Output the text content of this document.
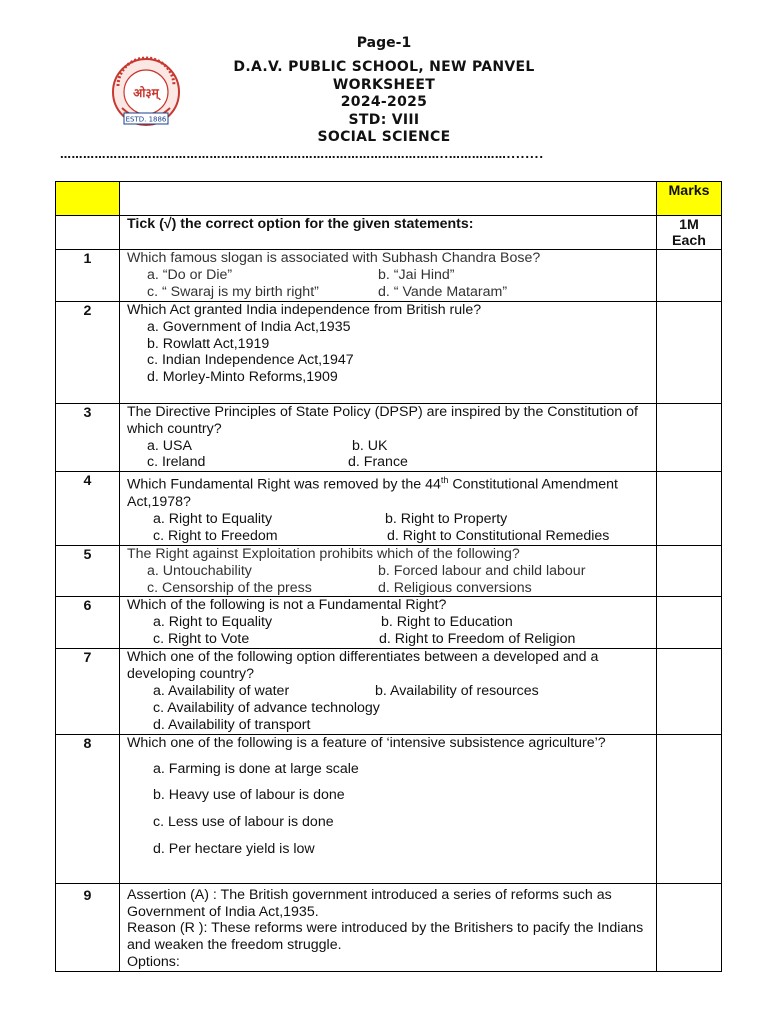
Page-1
ओ३म्
ESTD. 1886
D.A.V. PUBLIC SCHOOL, NEW PANVEL
WORKSHEET
2024-2025
STD: VIII
SOCIAL SCIENCE
………………………………………………………………………………………..……………........
		Marks
	Tick (√) the correct option for the given statements:	1M
Each

1	Which famous slogan is associated with Subhash Chandra Bose?
a. “Do or Die” b. “Jai Hind”
c. “ Swaraj is my birth right” d. “ Vande Mataram”	

2	Which Act granted India independence from British rule?
a. Government of India Act,1935
b. Rowlatt Act,1919
c. Indian Independence Act,1947
d. Morley-Minto Reforms,1909	

3	The Directive Principles of State Policy (DPSP) are inspired by the Constitution of which country?
a. USA b. UK
c. Ireland d. France	

4	Which Fundamental Right was removed by the 44th Constitutional Amendment Act,1978?
a. Right to Equality b. Right to Property
c. Right to Freedom d. Right to Constitutional Remedies	

5	The Right against Exploitation prohibits which of the following?
a. Untouchability b. Forced labour and child labour
c. Censorship of the press d. Religious conversions	

6	Which of the following is not a Fundamental Right?
a. Right to Equality b. Right to Education
c. Right to Vote d. Right to Freedom of Religion	

7	Which one of the following option differentiates between a developed and a developing country?
a. Availability of water b. Availability of resources
c. Availability of advance technology
d. Availability of transport	

8	Which one of the following is a feature of ‘intensive subsistence agriculture’?
a. Farming is done at large scale
b. Heavy use of labour is done
c. Less use of labour is done
d. Per hectare yield is low	

9	Assertion (A) : The British government introduced a series of reforms such as Government of India Act,1935.
Reason (R ): These reforms were introduced by the Britishers to pacify the Indians and weaken the freedom struggle.
Options:	
